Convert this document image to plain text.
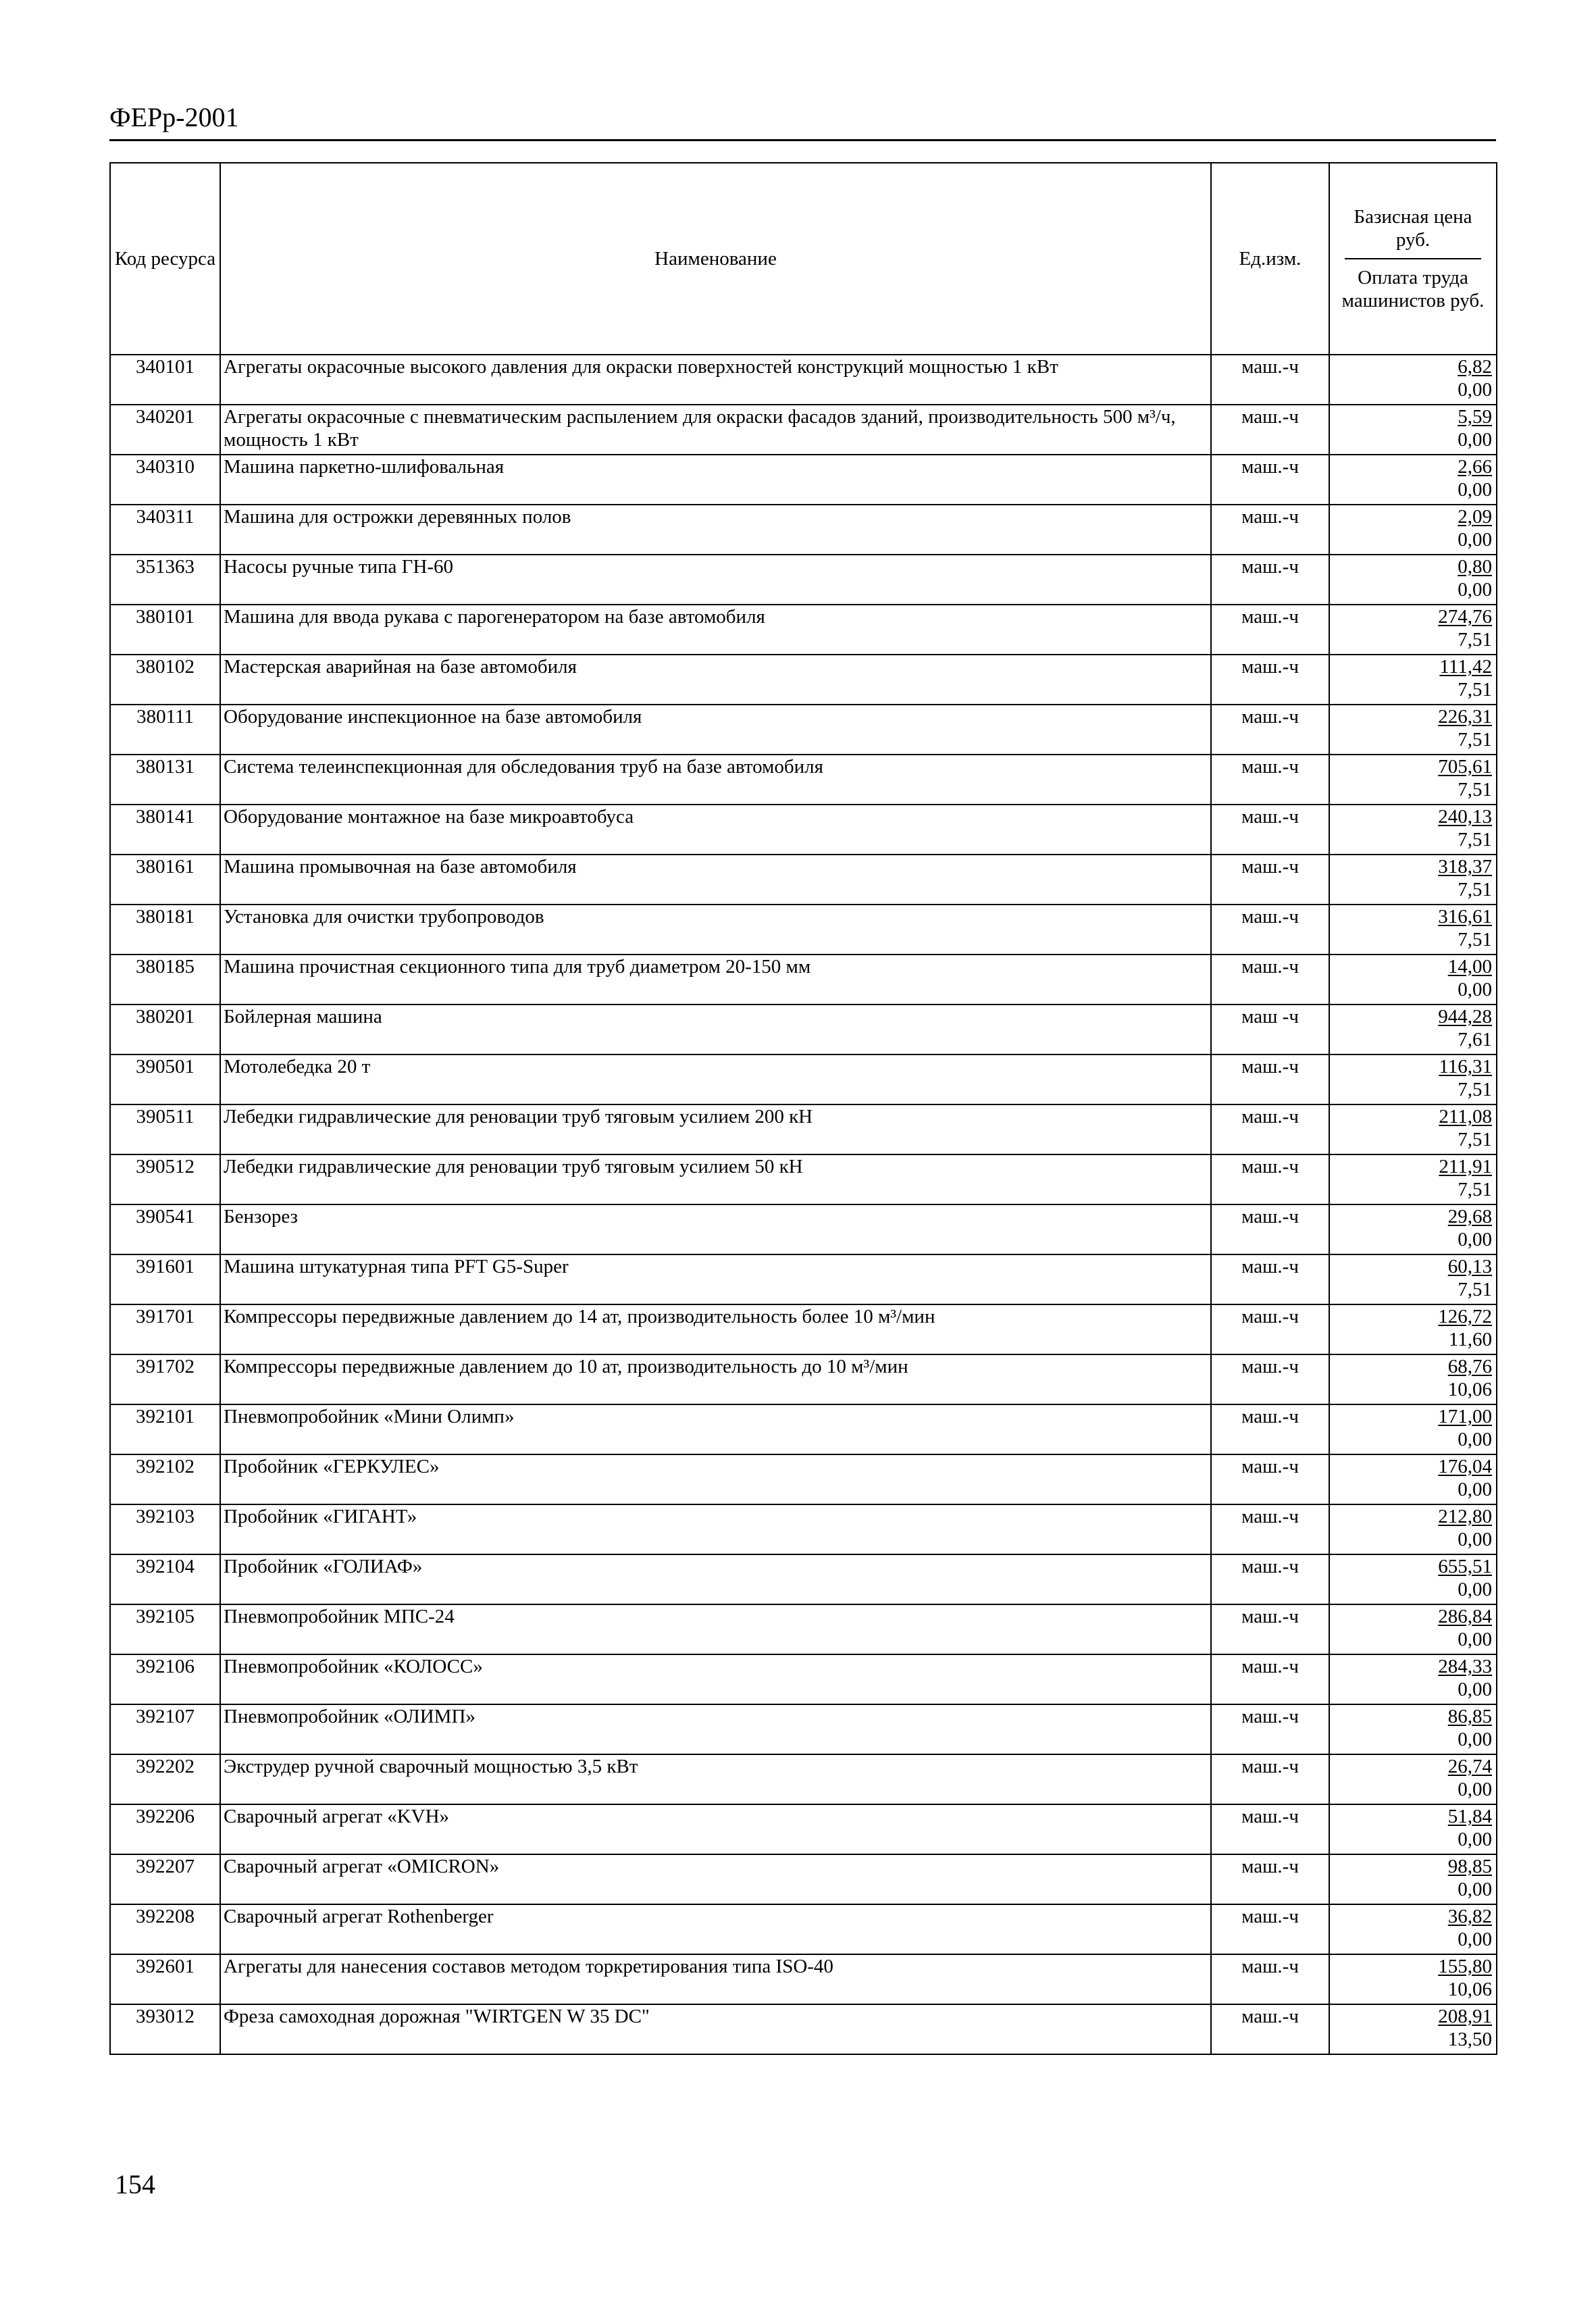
ФЕРр-2001
Код ресурса	Наименование	Ед.изм.	Базисная цена руб.
Оплата труда машинистов руб.
340101	Агрегаты окрасочные высокого давления для окраски поверхностей конструкций мощностью 1 кВт	маш.-ч	6,82
0,00

340201	Агрегаты окрасочные с пневматическим распылением для окраски фасадов зданий, производительность 500 м³/ч, мощность 1 кВт	маш.-ч	5,59
0,00

340310	Машина паркетно-шлифовальная	маш.-ч	2,66
0,00

340311	Машина для острожки деревянных полов	маш.-ч	2,09
0,00

351363	Насосы ручные типа ГН-60	маш.-ч	0,80
0,00

380101	Машина для ввода рукава с парогенератором на базе автомобиля	маш.-ч	274,76
7,51

380102	Мастерская аварийная на базе автомобиля	маш.-ч	111,42
7,51

380111	Оборудование инспекционное на базе автомобиля	маш.-ч	226,31
7,51

380131	Система телеинспекционная для обследования труб на базе автомобиля	маш.-ч	705,61
7,51

380141	Оборудование монтажное на базе микроавтобуса	маш.-ч	240,13
7,51

380161	Машина промывочная на базе автомобиля	маш.-ч	318,37
7,51

380181	Установка для очистки трубопроводов	маш.-ч	316,61
7,51

380185	Машина прочистная секционного типа для труб диаметром 20-150 мм	маш.-ч	14,00
0,00

380201	Бойлерная машина	маш -ч	944,28
7,61

390501	Мотолебедка 20 т	маш.-ч	116,31
7,51

390511	Лебедки гидравлические для реновации труб тяговым усилием 200 кН	маш.-ч	211,08
7,51

390512	Лебедки гидравлические для реновации труб тяговым усилием 50 кН	маш.-ч	211,91
7,51

390541	Бензорез	маш.-ч	29,68
0,00

391601	Машина штукатурная типа PFT G5-Super	маш.-ч	60,13
7,51

391701	Компрессоры передвижные давлением до 14 ат, производительность более 10 м³/мин	маш.-ч	126,72
11,60

391702	Компрессоры передвижные давлением до 10 ат, производительность до 10 м³/мин	маш.-ч	68,76
10,06

392101	Пневмопробойник «Мини Олимп»	маш.-ч	171,00
0,00

392102	Пробойник «ГЕРКУЛЕС»	маш.-ч	176,04
0,00

392103	Пробойник «ГИГАНТ»	маш.-ч	212,80
0,00

392104	Пробойник «ГОЛИАФ»	маш.-ч	655,51
0,00

392105	Пневмопробойник МПС-24	маш.-ч	286,84
0,00

392106	Пневмопробойник «КОЛОСС»	маш.-ч	284,33
0,00

392107	Пневмопробойник «ОЛИМП»	маш.-ч	86,85
0,00

392202	Экструдер ручной сварочный мощностью 3,5 кВт	маш.-ч	26,74
0,00

392206	Сварочный агрегат «KVH»	маш.-ч	51,84
0,00

392207	Сварочный агрегат «OMICRON»	маш.-ч	98,85
0,00

392208	Сварочный агрегат Rothenberger	маш.-ч	36,82
0,00

392601	Агрегаты для нанесения составов методом торкретирования типа ISO-40	маш.-ч	155,80
10,06

393012	Фреза самоходная дорожная "WIRTGEN W 35 DC"	маш.-ч	208,91
13,50
154
